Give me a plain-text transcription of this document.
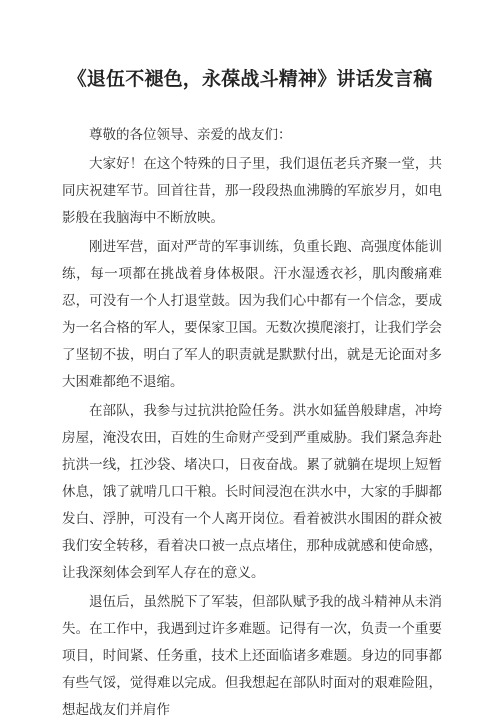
《退伍不褪色，永葆战斗精神》讲话发言稿

尊敬的各位领导、亲爱的战友们：

大家好！在这个特殊的日子里，我们退伍老兵齐聚一堂，共同庆祝建军节。回首往昔，那一段段热血沸腾的军旅岁月，如电影般在我脑海中不断放映。

刚进军营，面对严苛的军事训练，负重长跑、高强度体能训练，每一项都在挑战着身体极限。汗水湿透衣衫，肌肉酸痛难忍，可没有一个人打退堂鼓。因为我们心中都有一个信念，要成为一名合格的军人，要保家卫国。无数次摸爬滚打，让我们学会了坚韧不拔，明白了军人的职责就是默默付出，就是无论面对多大困难都绝不退缩。

在部队，我参与过抗洪抢险任务。洪水如猛兽般肆虐，冲垮房屋，淹没农田，百姓的生命财产受到严重威胁。我们紧急奔赴抗洪一线，扛沙袋、堵决口，日夜奋战。累了就躺在堤坝上短暂休息，饿了就啃几口干粮。长时间浸泡在洪水中，大家的手脚都发白、浮肿，可没有一个人离开岗位。看着被洪水围困的群众被我们安全转移，看着决口被一点点堵住，那种成就感和使命感，让我深刻体会到军人存在的意义。

退伍后，虽然脱下了军装，但部队赋予我的战斗精神从未消失。在工作中，我遇到过许多难题。记得有一次，负责一个重要项目，时间紧、任务重，技术上还面临诸多难题。身边的同事都有些气馁，觉得难以完成。但我想起在部队时面对的艰难险阻，想起战友们并肩作
